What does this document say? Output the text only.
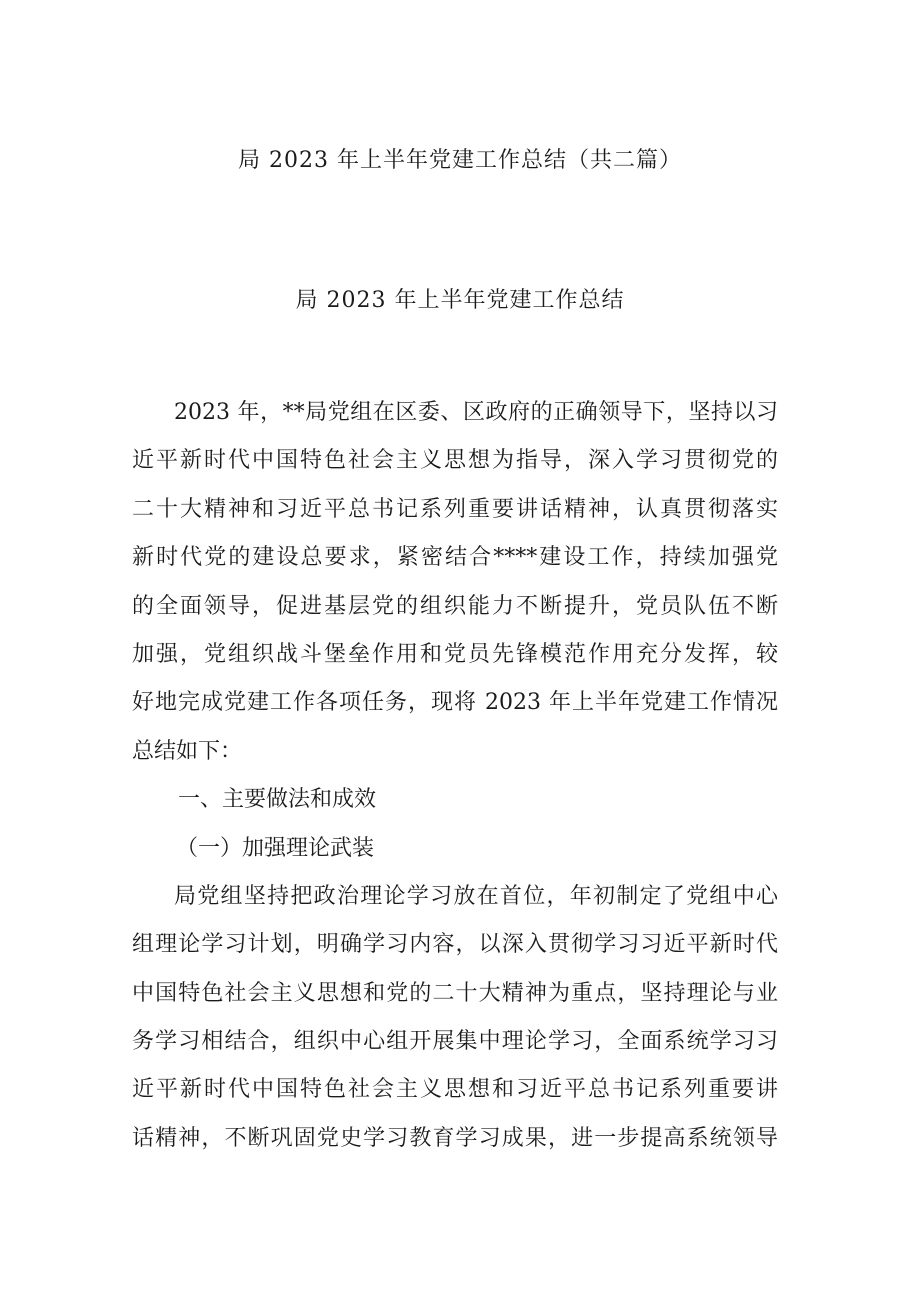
局 2023 年上半年党建工作总结（共二篇）
局 2023 年上半年党建工作总结
2023 年，**局党组在区委、区政府的正确领导下，坚持以习
近平新时代中国特色社会主义思想为指导，深入学习贯彻党的
二十大精神和习近平总书记系列重要讲话精神，认真贯彻落实
新时代党的建设总要求，紧密结合****建设工作，持续加强党
的全面领导，促进基层党的组织能力不断提升，党员队伍不断
加强，党组织战斗堡垒作用和党员先锋模范作用充分发挥，较
好地完成党建工作各项任务，现将 2023 年上半年党建工作情况
总结如下：
一、主要做法和成效
（一）加强理论武装
局党组坚持把政治理论学习放在首位，年初制定了党组中心
组理论学习计划，明确学习内容，以深入贯彻学习习近平新时代
中国特色社会主义思想和党的二十大精神为重点，坚持理论与业
务学习相结合，组织中心组开展集中理论学习，全面系统学习习
近平新时代中国特色社会主义思想和习近平总书记系列重要讲
话精神，不断巩固党史学习教育学习成果，进一步提高系统领导
